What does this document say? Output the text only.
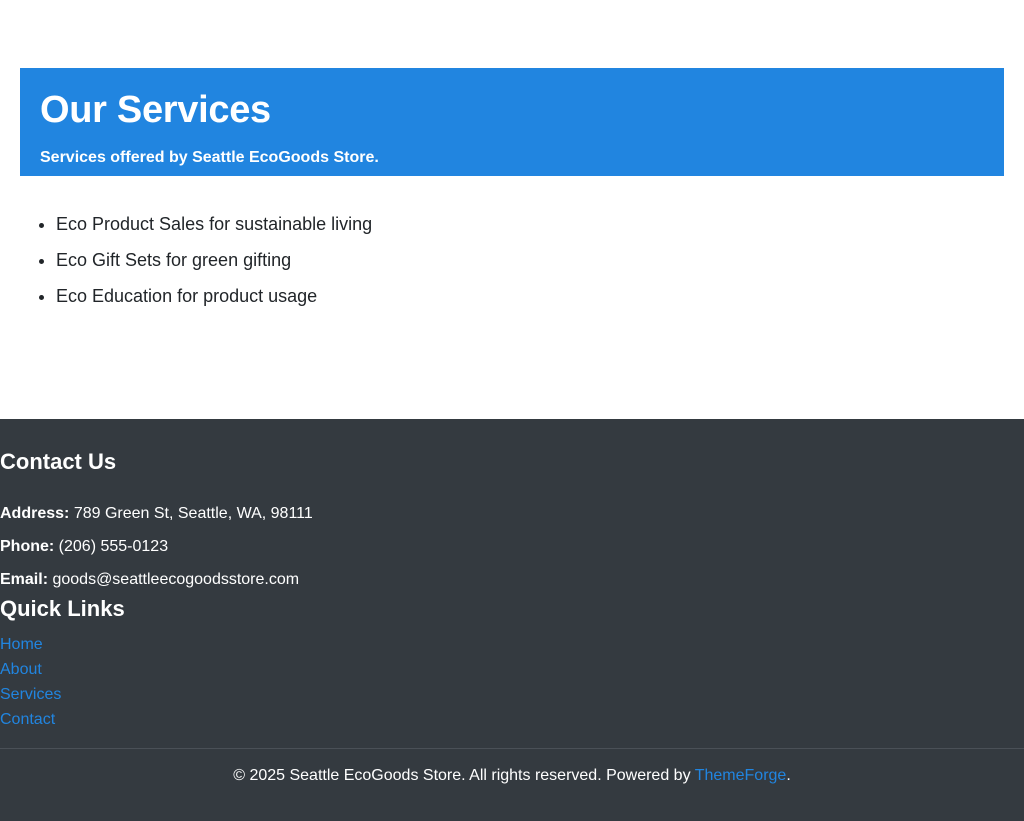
Our Services
Services offered by Seattle EcoGoods Store.
• Eco Product Sales for sustainable living
• Eco Gift Sets for green gifting
• Eco Education for product usage
Contact Us
Address: 789 Green St, Seattle, WA, 98111
Phone: (206) 555-0123
Email: goods@seattleecogoodsstore.com
Quick Links
Home
About
Services
Contact
© 2025 Seattle EcoGoods Store. All rights reserved. Powered by ThemeForge.
